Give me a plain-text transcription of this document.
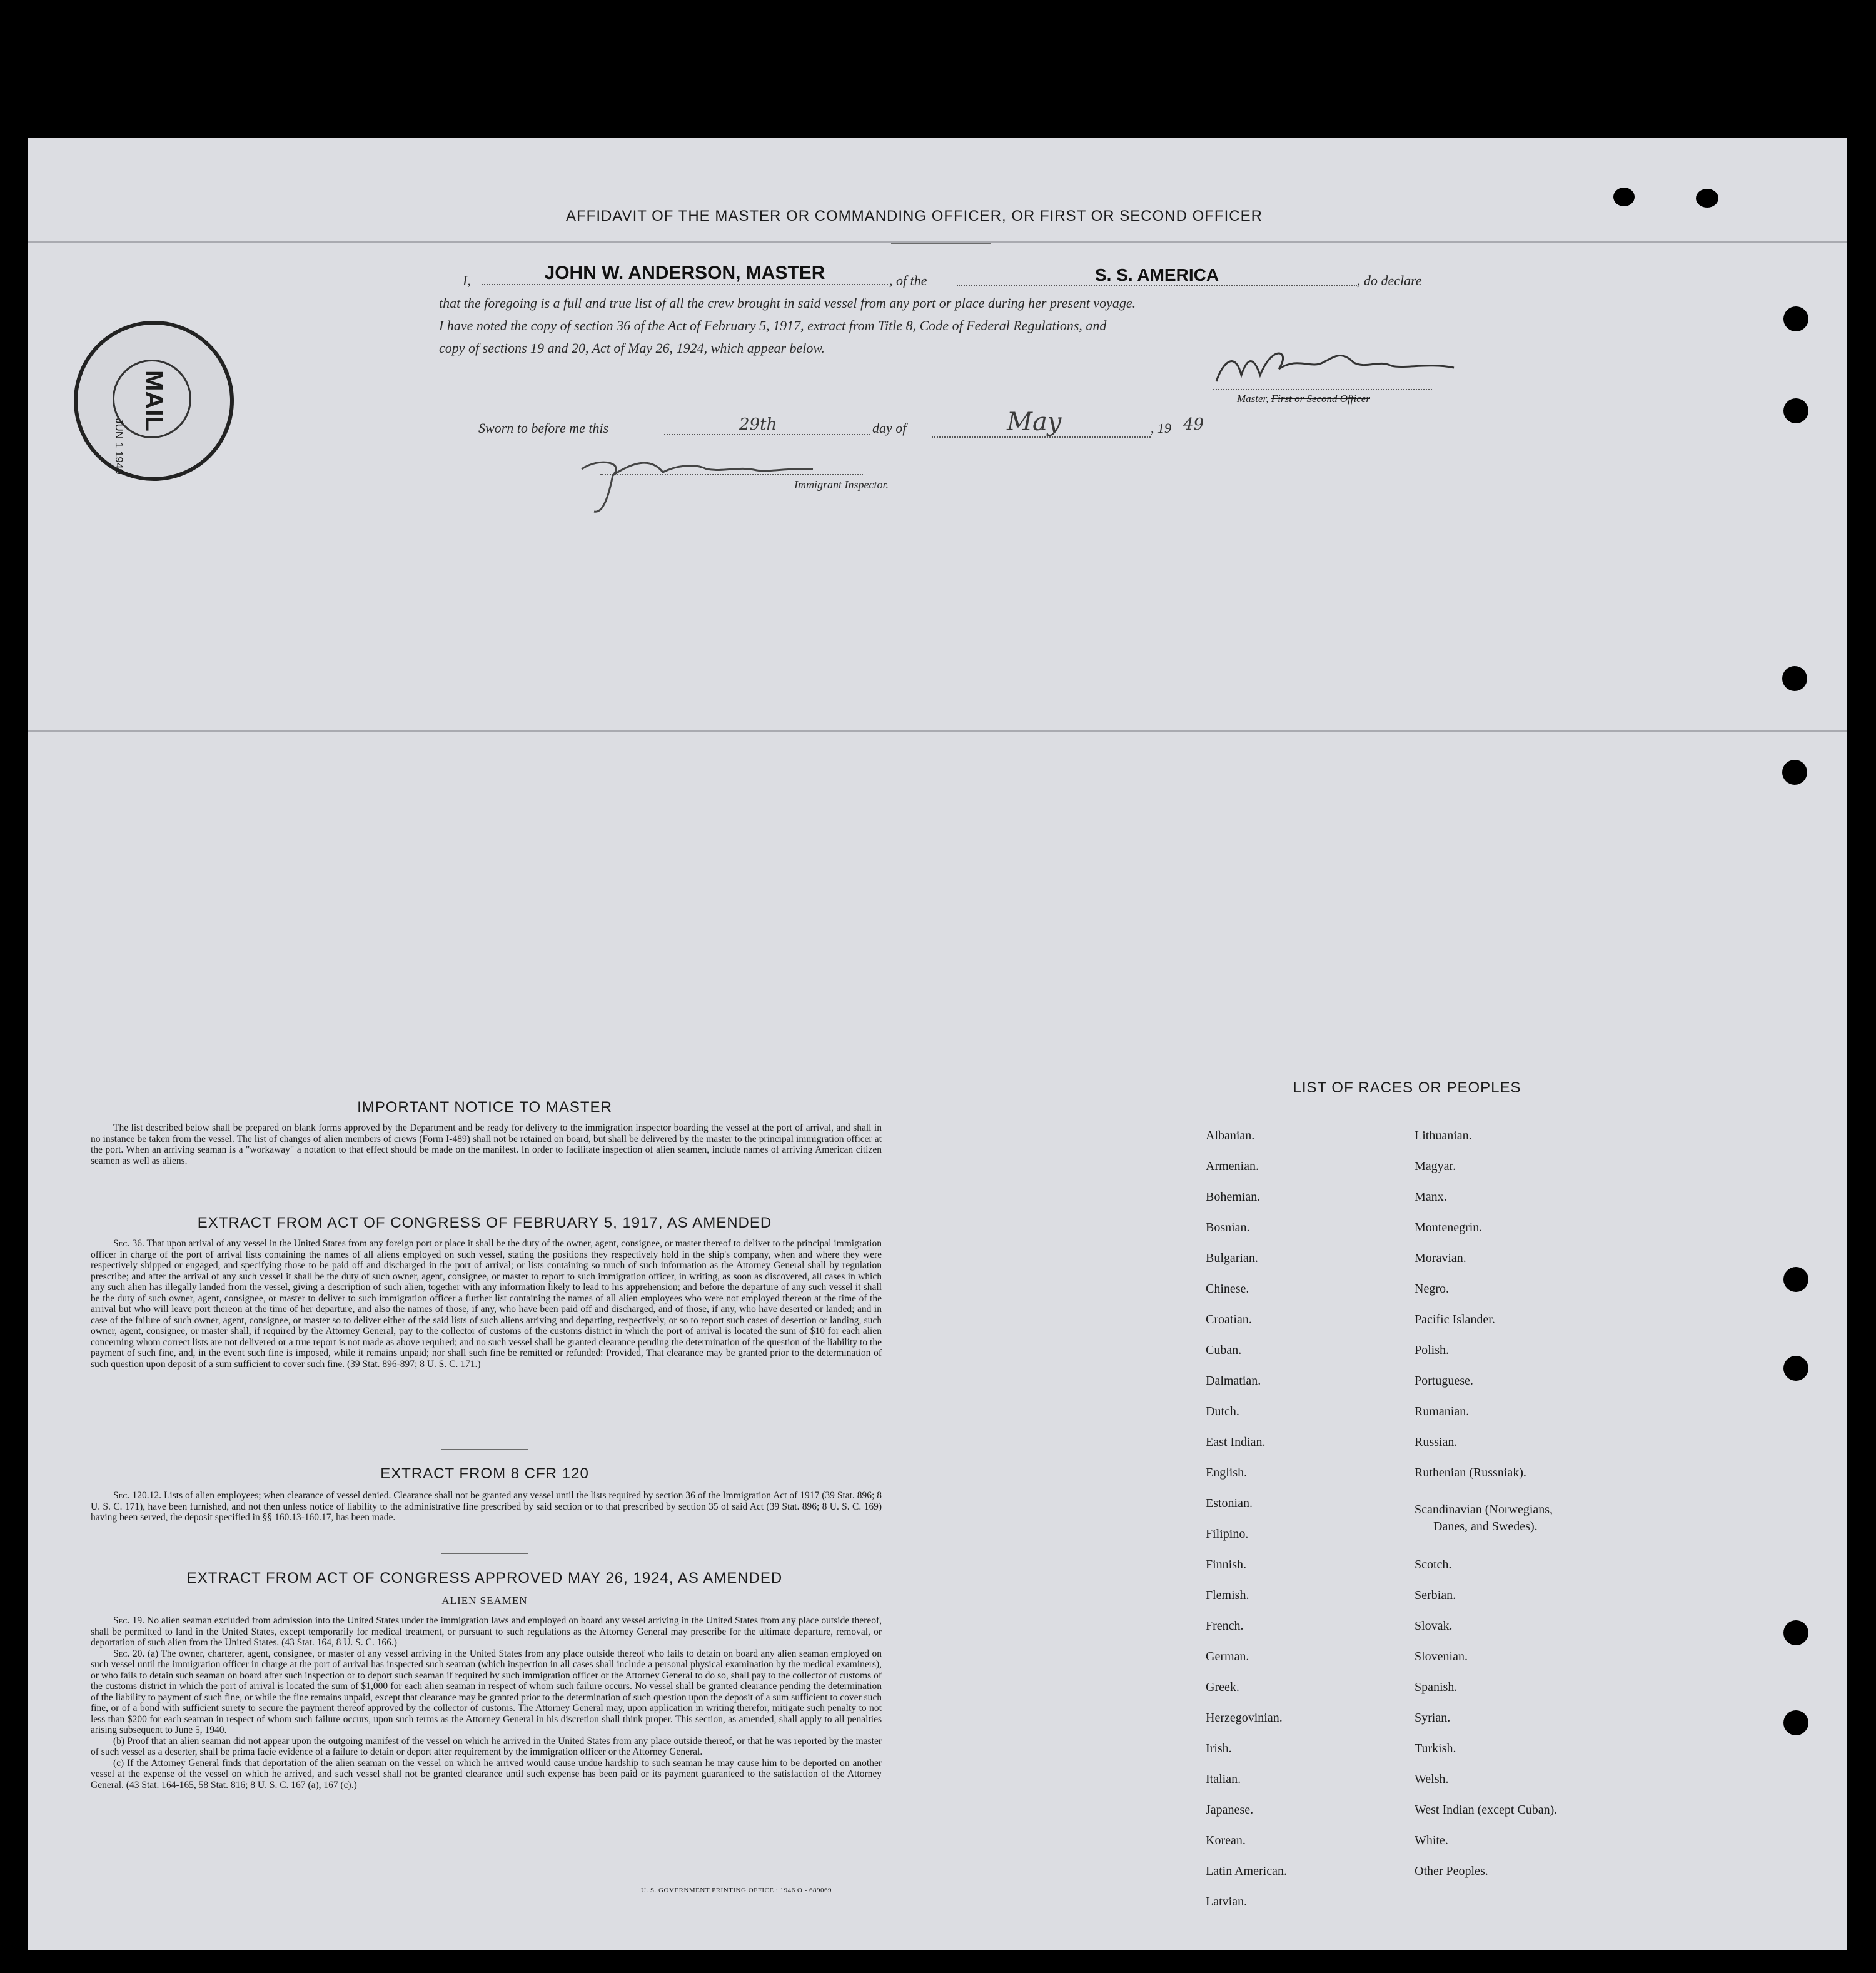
AFFIDAVIT OF THE MASTER OR COMMANDING OFFICER, OR FIRST OR SECOND OFFICER
I,	JOHN W. ANDERSON, MASTER	, of the	S. S. AMERICA	, do declare
that the foregoing is a full and true list of all the crew brought in said vessel from any port or place during her present voyage.
I have noted the copy of section 36 of the Act of February 5, 1917, extract from Title 8, Code of Federal Regulations, and
copy of sections 19 and 20, Act of May 26, 1924, which appear below.
Master, First or Second Officer
Sworn to before me this	29th	day of	May	, 19 49
Immigrant Inspector.
MAIL
JUN 1 1949
IMPORTANT NOTICE TO MASTER
The list described below shall be prepared on blank forms approved by the Department and be ready for delivery to the immigration inspector boarding the vessel at the port of arrival, and shall in no instance be taken from the vessel. The list of changes of alien members of crews (Form I-489) shall not be retained on board, but shall be delivered by the master to the principal immigration officer at the port. When an arriving seaman is a "workaway" a notation to that effect should be made on the manifest. In order to facilitate inspection of alien seamen, include names of arriving American citizen seamen as well as aliens.
EXTRACT FROM ACT OF CONGRESS OF FEBRUARY 5, 1917, AS AMENDED
Sec. 36. That upon arrival of any vessel in the United States from any foreign port or place it shall be the duty of the owner, agent, consignee, or master thereof to deliver to the principal immigration officer in charge of the port of arrival lists containing the names of all aliens employed on such vessel, stating the positions they respectively hold in the ship's company, when and where they were respectively shipped or engaged, and specifying those to be paid off and discharged in the port of arrival; or lists containing so much of such information as the Attorney General shall by regulation prescribe; and after the arrival of any such vessel it shall be the duty of such owner, agent, consignee, or master to report to such immigration officer, in writing, as soon as discovered, all cases in which any such alien has illegally landed from the vessel, giving a description of such alien, together with any information likely to lead to his apprehension; and before the departure of any such vessel it shall be the duty of such owner, agent, consignee, or master to deliver to such immigration officer a further list containing the names of all alien employees who were not employed thereon at the time of the arrival but who will leave port thereon at the time of her departure, and also the names of those, if any, who have been paid off and discharged, and of those, if any, who have deserted or landed; and in case of the failure of such owner, agent, consignee, or master so to deliver either of the said lists of such aliens arriving and departing, respectively, or so to report such cases of desertion or landing, such owner, agent, consignee, or master shall, if required by the Attorney General, pay to the collector of customs of the customs district in which the port of arrival is located the sum of $10 for each alien concerning whom correct lists are not delivered or a true report is not made as above required; and no such vessel shall be granted clearance pending the determination of the question of the liability to the payment of such fine, and, in the event such fine is imposed, while it remains unpaid; nor shall such fine be remitted or refunded: Provided, That clearance may be granted prior to the determination of such question upon deposit of a sum sufficient to cover such fine. (39 Stat. 896-897; 8 U. S. C. 171.)
EXTRACT FROM 8 CFR 120
Sec. 120.12. Lists of alien employees; when clearance of vessel denied. Clearance shall not be granted any vessel until the lists required by section 36 of the Immigration Act of 1917 (39 Stat. 896; 8 U. S. C. 171), have been furnished, and not then unless notice of liability to the administrative fine prescribed by said section or to that prescribed by section 35 of said Act (39 Stat. 896; 8 U. S. C. 169) having been served, the deposit specified in §§ 160.13-160.17, has been made.
EXTRACT FROM ACT OF CONGRESS APPROVED MAY 26, 1924, AS AMENDED
ALIEN SEAMEN

Sec. 19. No alien seaman excluded from admission into the United States under the immigration laws and employed on board any vessel arriving in the United States from any place outside thereof, shall be permitted to land in the United States, except temporarily for medical treatment, or pursuant to such regulations as the Attorney General may prescribe for the ultimate departure, removal, or deportation of such alien from the United States. (43 Stat. 164, 8 U. S. C. 166.)

Sec. 20. (a) The owner, charterer, agent, consignee, or master of any vessel arriving in the United States from any place outside thereof who fails to detain on board any alien seaman employed on such vessel until the immigration officer in charge at the port of arrival has inspected such seaman (which inspection in all cases shall include a personal physical examination by the medical examiners), or who fails to detain such seaman on board after such inspection or to deport such seaman if required by such immigration officer or the Attorney General to do so, shall pay to the collector of customs of the customs district in which the port of arrival is located the sum of $1,000 for each alien seaman in respect of whom such failure occurs. No vessel shall be granted clearance pending the determination of the liability to payment of such fine, or while the fine remains unpaid, except that clearance may be granted prior to the determination of such question upon the deposit of a sum sufficient to cover such fine, or of a bond with sufficient surety to secure the payment thereof approved by the collector of customs. The Attorney General may, upon application in writing therefor, mitigate such penalty to not less than $200 for each seaman in respect of whom such failure occurs, upon such terms as the Attorney General in his discretion shall think proper. This section, as amended, shall apply to all penalties arising subsequent to June 5, 1940.

(b) Proof that an alien seaman did not appear upon the outgoing manifest of the vessel on which he arrived in the United States from any place outside thereof, or that he was reported by the master of such vessel as a deserter, shall be prima facie evidence of a failure to detain or deport after requirement by the immigration officer or the Attorney General.

(c) If the Attorney General finds that deportation of the alien seaman on the vessel on which he arrived would cause undue hardship to such seaman he may cause him to be deported on another vessel at the expense of the vessel on which he arrived, and such vessel shall not be granted clearance until such expense has been paid or its payment guaranteed to the satisfaction of the Attorney General. (43 Stat. 164-165, 58 Stat. 816; 8 U. S. C. 167 (a), 167 (c).)

U. S. GOVERNMENT PRINTING OFFICE : 1946 O - 689069
LIST OF RACES OR PEOPLES
Albanian.
Armenian.
Bohemian.
Bosnian.
Bulgarian.
Chinese.
Croatian.
Cuban.
Dalmatian.
Dutch.
East Indian.
English.
Estonian.
Filipino.
Finnish.
Flemish.
French.
German.
Greek.
Herzegovinian.
Irish.
Italian.
Japanese.
Korean.
Latin American.
Latvian.
Lithuanian.
Magyar.
Manx.
Montenegrin.
Moravian.
Negro.
Pacific Islander.
Polish.
Portuguese.
Rumanian.
Russian.
Ruthenian (Russniak).
Scandinavian (Norwegians,
Danes, and Swedes).
Scotch.
Serbian.
Slovak.
Slovenian.
Spanish.
Syrian.
Turkish.
Welsh.
West Indian (except Cuban).
White.
Other Peoples.
